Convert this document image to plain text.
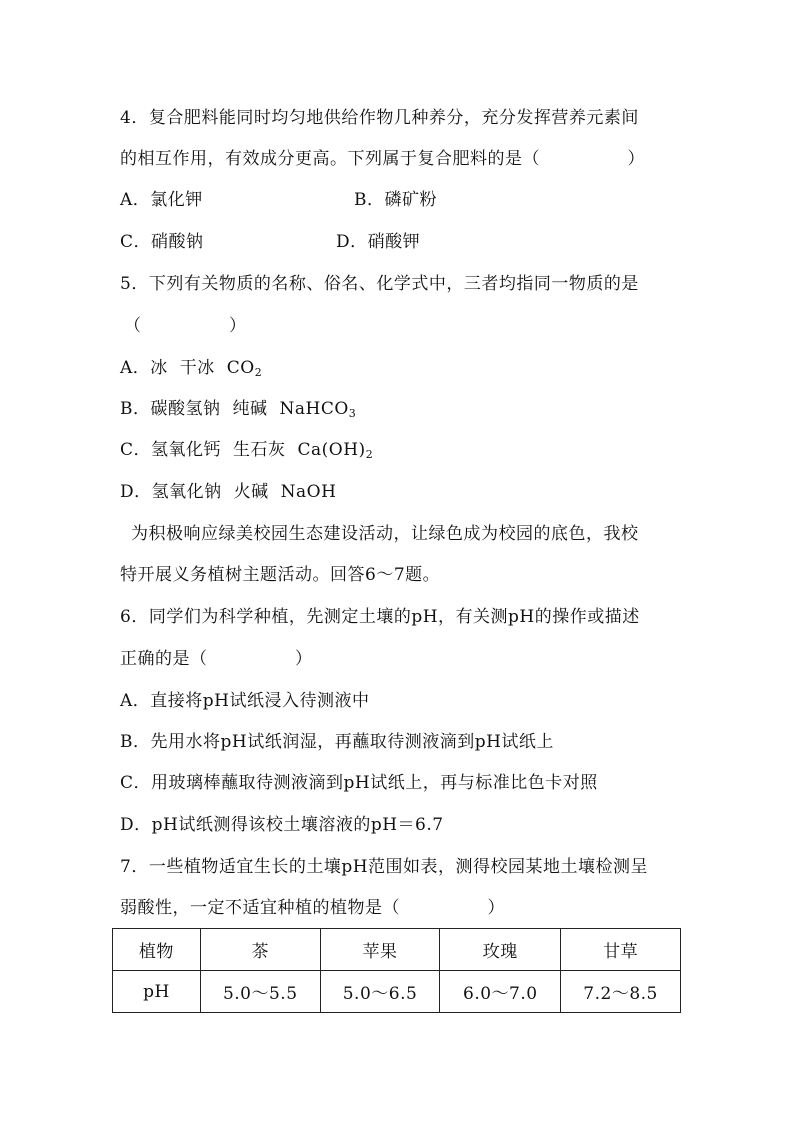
4．复合肥料能同时均匀地供给作物几种养分，充分发挥营养元素间
的相互作用，有效成分更高。下列属于复合肥料的是（　　　　　）
A．氯化钾	B．磷矿粉
C．硝酸钠	D．硝酸钾
5．下列有关物质的名称、俗名、化学式中，三者均指同一物质的是
（　　　　　）
A．冰 干冰 $CO_2$
B．碳酸氢钠 纯碱 NaHCO$_3$
C．氢氧化钙 生石灰 $Ca(OH)_2$
D．氢氧化钠 火碱 NaOH
为积极响应绿美校园生态建设活动，让绿色成为校园的底色，我校
特开展义务植树主题活动。回答6～7题。
6．同学们为科学种植，先测定土壤的pH，有关测pH的操作或描述
正确的是（　　　　　）
A．直接将pH试纸浸入待测液中
B．先用水将pH试纸润湿，再蘸取待测液滴到pH试纸上
C．用玻璃棒蘸取待测液滴到pH试纸上，再与标准比色卡对照
D．pH试纸测得该校土壤溶液的pH＝6.7
7．一些植物适宜生长的土壤pH范围如表，测得校园某地土壤检测呈
弱酸性，一定不适宜种植的植物是（　　　　　）
植物	茶	苹果	玫瑰	甘草
pH	5.0～5.5	5.0～6.5	6.0～7.0	7.2～8.5
